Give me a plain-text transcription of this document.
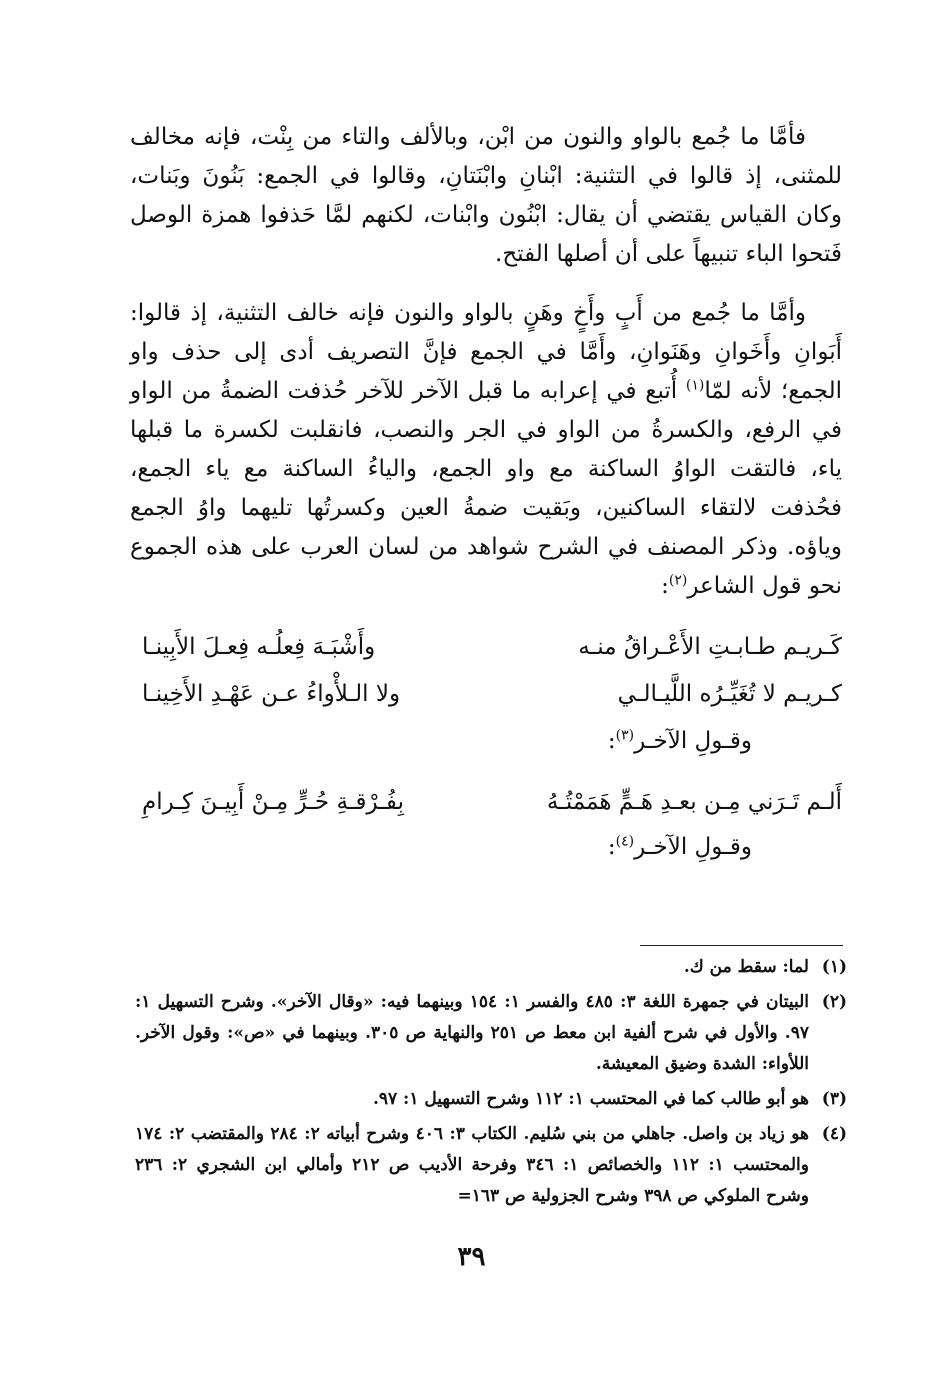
فأمَّا ما جُمع بالواو والنون من ابْن، وبالألف والتاء من بِنْت، فإنه مخالف للمثنى، إذ قالوا في التثنية: ابْنانِ وابْنَتانِ، وقالوا في الجمع: بَنُونَ وبَنات، وكان القياس يقتضي أن يقال: ابْنُون وابْنات، لكنهم لمَّا حَذفوا همزة الوصل فَتحوا الباء تنبيهاً على أن أصلها الفتح.

وأمَّا ما جُمع من أَبٍ وأَخٍ وهَنٍ بالواو والنون فإنه خالف التثنية، إذ قالوا: أَبَوانِ وأَخَوانِ وهَنَوانِ، وأَمَّا في الجمع فإنَّ التصريف أدى إلى حذف واو الجمع؛ لأنه لمّا$^{(١)}$ أُتبع في إعرابه ما قبل الآخر للآخر حُذفت الضمةُ من الواو في الرفع، والكسرةُ من الواو في الجر والنصب، فانقلبت لكسرة ما قبلها ياء، فالتقت الواوُ الساكنة مع واو الجمع، والياءُ الساكنة مع ياء الجمع، فحُذفت لالتقاء الساكنين، وبَقيت ضمةُ العين وكسرتُها تليهما واوُ الجمع وياؤه. وذكر المصنف في الشرح شواهد من لسان العرب على هذه الجموع نحو قول الشاعر$^{(٢)}$:

كَـريـم طـابـتِ الأَعْـراقُ منـه
وأَشْبَـهَ فِعلُـه فِعـلَ الأَبِينـا
كـريـم لا تُغَيِّـرُه اللَّيـالـي
ولا الـلأْواءُ عـن عَهْـدِ الأَخِينـا
وقـولِ الآخـر$^{(٣)}$:
أَلـم تَـرَني مِـن بعـدِ هَـمٍّ هَمَمْتُـهُ
بِفُـرْقـةِ حُـرٍّ مِـنْ أَبِيـنَ كِـرامِ
وقـولِ الآخـر$^{(٤)}$:
(١)
لما: سقط من ك.
(٢)
البيتان في جمهرة اللغة ٣: ٤٨٥ والفسر ١: ١٥٤ وبينهما فيه: «وقال الآخر». وشرح التسهيل ١: ٩٧. والأول في شرح ألفية ابن معط ص ٢٥١ والنهاية ص ٣٠٥. وبينهما في «ص»: وقول الآخر. اللأواء: الشدة وضيق المعيشة.
(٣)
هو أبو طالب كما في المحتسب ١: ١١٢ وشرح التسهيل ١: ٩٧.
(٤)
هو زياد بن واصل. جاهلي من بني سُليم. الكتاب ٣: ٤٠٦ وشرح أبياته ٢: ٢٨٤ والمقتضب ٢: ١٧٤ والمحتسب ١: ١١٢ والخصائص ١: ٣٤٦ وفرحة الأديب ص ٢١٢ وأمالي ابن الشجري ٢: ٢٣٦ وشرح الملوكي ص ٣٩٨ وشرح الجزولية ص ١٦٣=
٣٩
